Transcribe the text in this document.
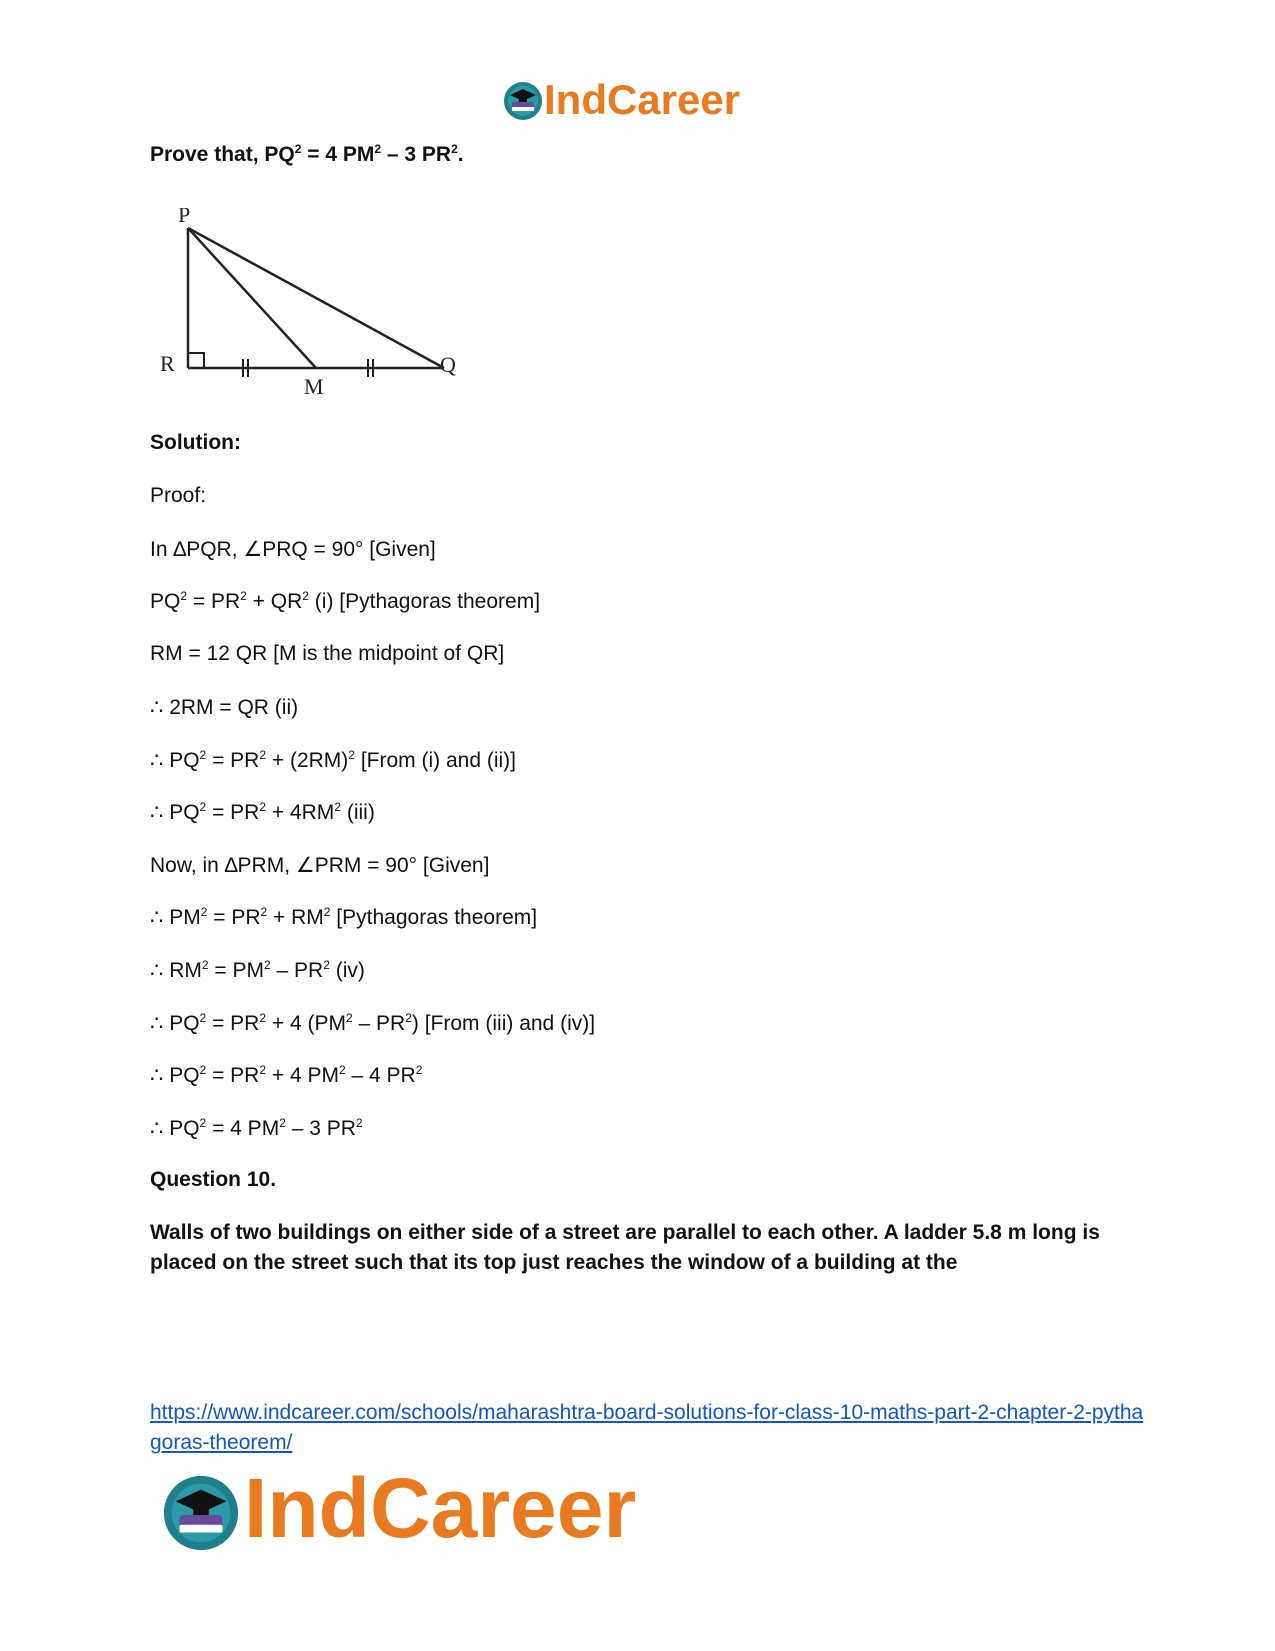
IndCareer
Prove that, $PQ^2 = 4$ $PM^2 - 3$ $PR^2$.
P
R
M
Q
Solution:
Proof:
In ∆PQR, ∠PRQ = 90° [Given]
$PQ^2 = PR^2 + QR^2$ (i) [Pythagoras theorem]
RM = 12 QR [M is the midpoint of QR]
∴ 2RM = QR (ii)
∴ $PQ^2 = PR^2 + (2RM)^2$ [From (i) and (ii)]
∴ $PQ^2 = PR^2 + 4RM^2$ (iii)
Now, in ∆PRM, ∠PRM = 90° [Given]
∴ $PM^2 = PR^2 + RM^2$ [Pythagoras theorem]
∴ $RM^2 = PM^2 - PR^2$ (iv)
∴ $PQ^2 = PR^2 + 4$ $(PM^2 - PR^2)$ [From (iii) and (iv)]
∴ $PQ^2 = PR^2 + 4$ $PM^2 - 4$ $PR^2$
∴ $PQ^2 = 4$ $PM^2 - 3$ $PR^2$
Question 10.
Walls of two buildings on either side of a street are parallel to each other. A ladder 5.8 m long is placed on the street such that its top just reaches the window of a building at the
https://www.indcareer.com/schools/maharashtra-board-solutions-for-class-10-maths-part-2-chapter-2-pythagoras-theorem/
IndCareer
